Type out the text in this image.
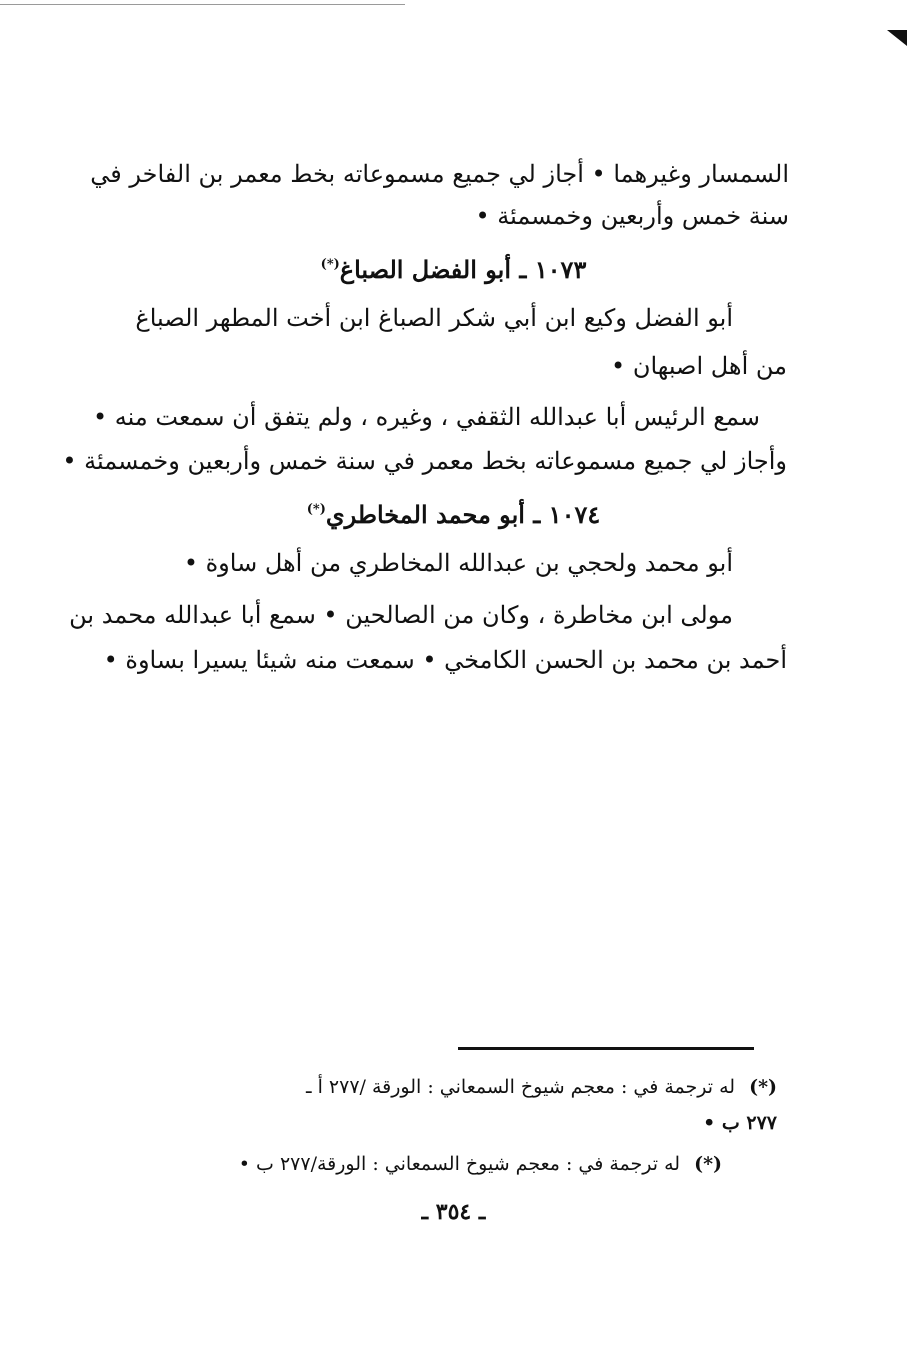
السمسار وغيرهما • أجاز لي جميع مسموعاته بخط معمر بن الفاخر في
سنة خمس وأربعين وخمسمئة •
١٠٧٣ ـ أبو الفضل الصباغ(*)
أبو الفضل وكيع ابن أبي شكر الصباغ ابن أخت المطهر الصباغ
من أهل اصبهان •
سمع الرئيس أبا عبدالله الثقفي ، وغيره ، ولم يتفق أن سمعت منه •
وأجاز لي جميع مسموعاته بخط معمر في سنة خمس وأربعين وخمسمئة •
١٠٧٤ ـ أبو محمد المخاطري(*)
أبو محمد ولحجي بن عبدالله المخاطري من أهل ساوة •
مولى ابن مخاطرة ، وكان من الصالحين • سمع أبا عبدالله محمد بن
أحمد بن محمد بن الحسن الكامخي • سمعت منه شيئا يسيرا بساوة •
(*)له ترجمة في : معجم شيوخ السمعاني : الورقة /٢٧٧ أ ـ
٢٧٧ ب •
(*)له ترجمة في : معجم شيوخ السمعاني : الورقة/٢٧٧ ب •
ـ ٣٥٤ ـ
